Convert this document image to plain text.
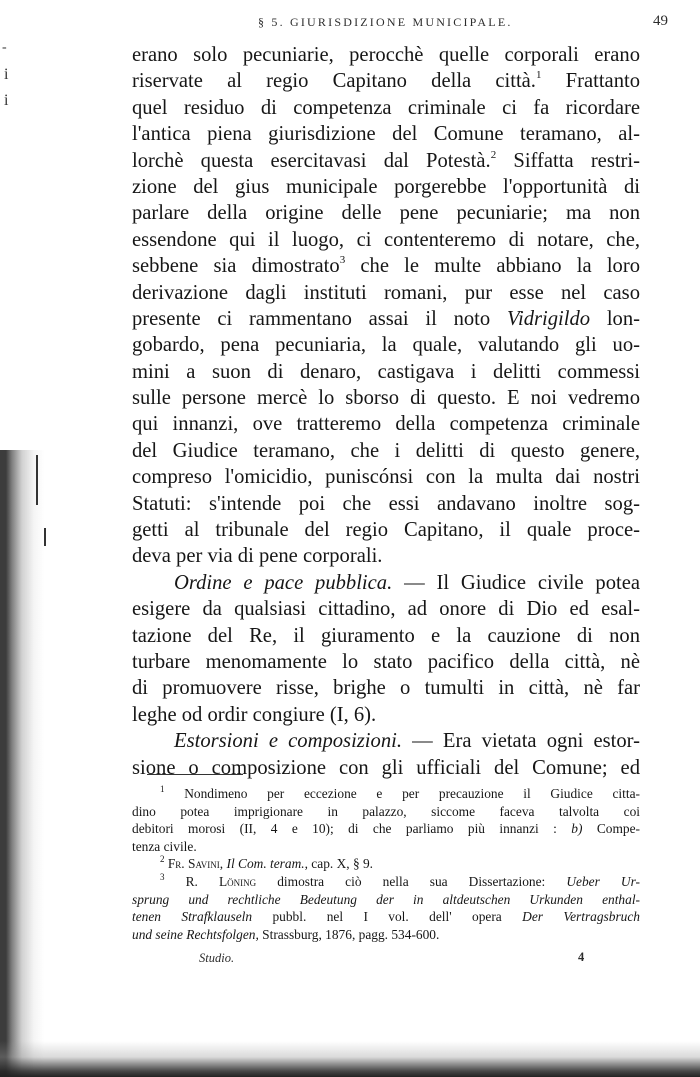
-
i
i
§ 5. GIURISDIZIONE MUNICIPALE.	49
erano solo pecuniarie, perocchè quelle corporali erano
riservate al regio Capitano della città.$^1$ Frattanto
quel residuo di competenza criminale ci fa ricordare
l'antica piena giurisdizione del Comune teramano, al-
lorchè questa esercitavasi dal Potestà.$^2$ Siffatta restri-
zione del gius municipale porgerebbe l'opportunità di
parlare della origine delle pene pecuniarie; ma non
essendone qui il luogo, ci contenteremo di notare, che,
sebbene sia dimostrato$^3$ che le multe abbiano la loro
derivazione dagli instituti romani, pur esse nel caso
presente ci rammentano assai il noto Vidrigildo lon-
gobardo, pena pecuniaria, la quale, valutando gli uo-
mini a suon di denaro, castigava i delitti commessi
sulle persone mercè lo sborso di questo. E noi vedremo
qui innanzi, ove tratteremo della competenza criminale
del Giudice teramano, che i delitti di questo genere,
compreso l'omicidio, puniscónsi con la multa dai nostri
Statuti: s'intende poi che essi andavano inoltre sog-
getti al tribunale del regio Capitano, il quale proce-
deva per via di pene corporali.
Ordine e pace pubblica. — Il Giudice civile potea
esigere da qualsiasi cittadino, ad onore di Dio ed esal-
tazione del Re, il giuramento e la cauzione di non
turbare menomamente lo stato pacifico della città, nè
di promuovere risse, brighe o tumulti in città, nè far
leghe od ordir congiure (I, 6).
Estorsioni e composizioni. — Era vietata ogni estor-
sione o composizione con gli ufficiali del Comune; ed
$^1$ Nondimeno per eccezione e per precauzione il Giudice citta-
dino potea imprigionare in palazzo, siccome faceva talvolta coi
debitori morosi (II, 4 e 10); di che parliamo più innanzi : b) Compe-
tenza civile.
$^2$ Fr. Savini, Il Com. teram., cap. X, § 9.
$^3$ R. Löning dimostra ciò nella sua Dissertazione: Ueber Ur-
sprung und rechtliche Bedeutung der in altdeutschen Urkunden enthal-
tenen Strafklauseln pubbl. nel I vol. dell' opera Der Vertragsbruch
und seine Rechtsfolgen, Strassburg, 1876, pagg. 534-600.
Studio.	4
